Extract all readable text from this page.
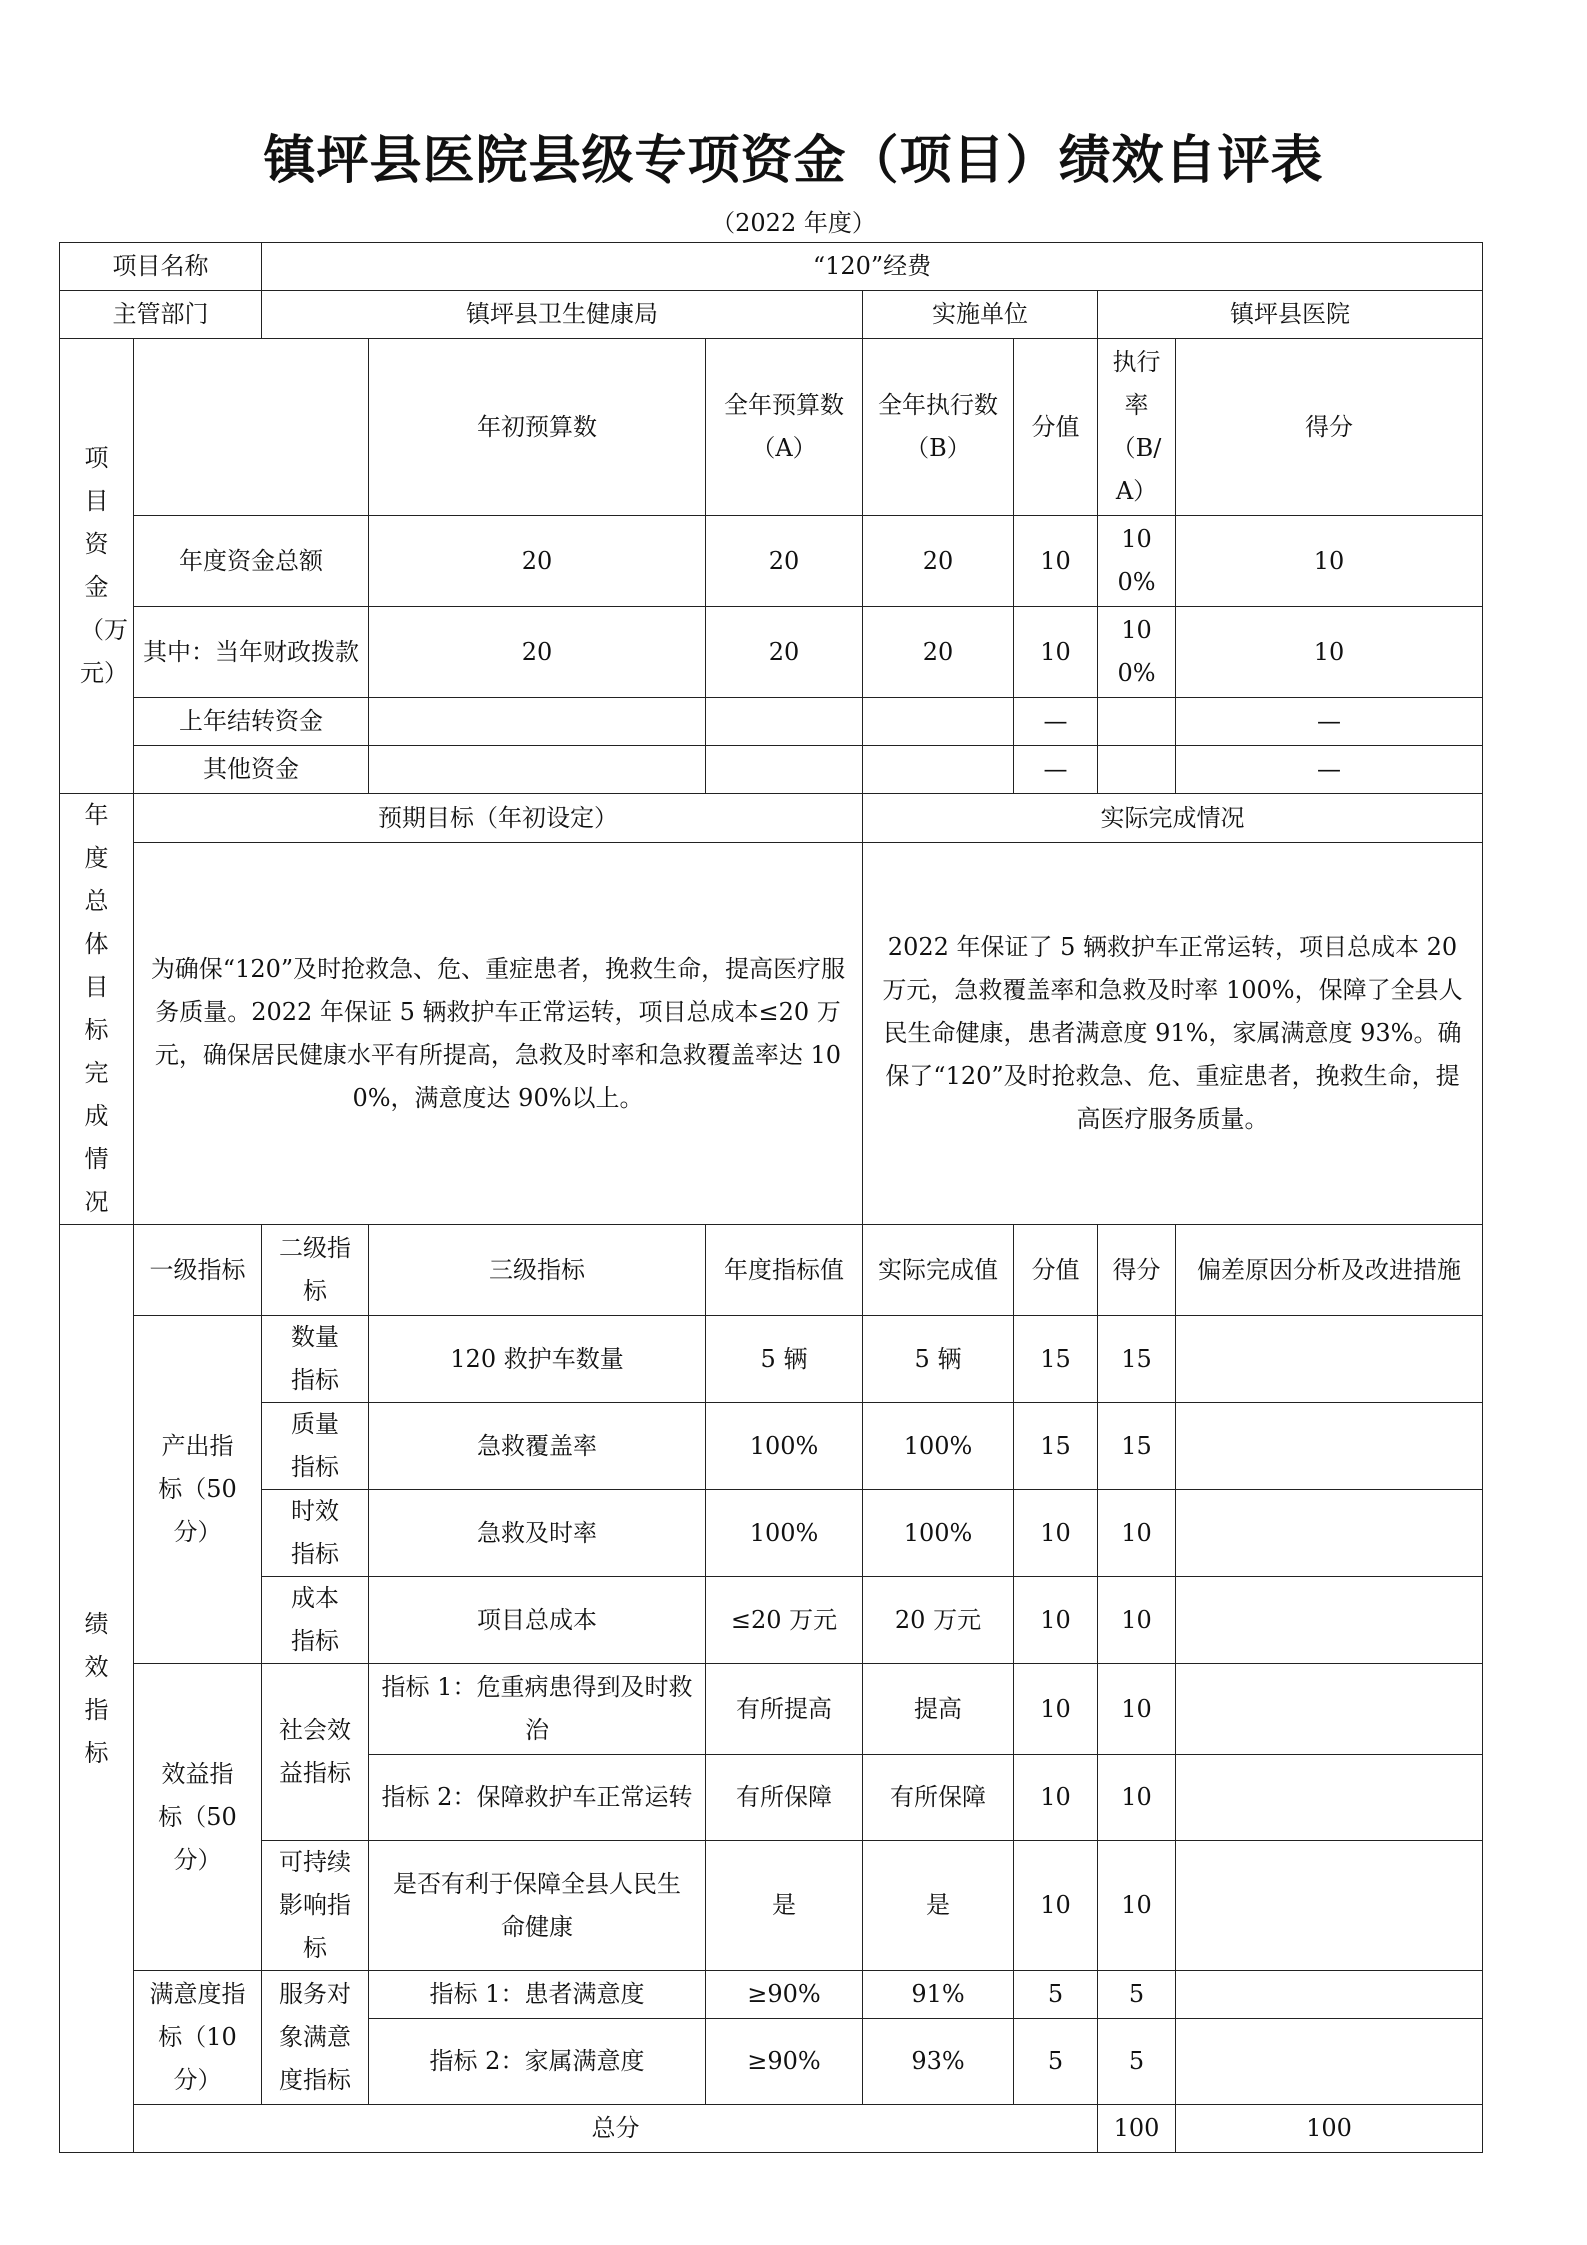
镇坪县医院县级专项资金（项目）绩效自评表
（2022 年度）
项目名称		“120”经费							
主管部门		镇坪县卫生健康局			实施单位		镇坪县医院		
项目资金（万元）			年初预算数	全年预算数（A）	全年执行数（B）	分值	执行率（B/A）	得分	
	年度资金总额		20	20	20	10	100%	10	
	其中：当年财政拨款		20	20	20	10	100%	10	
	上年结转资金					—		—	
	其他资金					—		—	

年度总体目标完成情况	预期目标（年初设定）				实际完成情况				
	为确保“120”及时抢救急、危、重症患者，挽救生命，提高医疗服务质量。2022 年保证 5 辆救护车正常运转，项目总成本≤20 万元，确保居民健康水平有所提高，急救及时率和急救覆盖率达 100%，满意度达 90%以上。				2022 年保证了 5 辆救护车正常运转，项目总成本 20 万元，急救覆盖率和急救及时率 100%，保障了全县人民生命健康，患者满意度 91%，家属满意度 93%。确保了“120”及时抢救急、危、重症患者，挽救生命，提高医疗服务质量。				

绩效指标	一级指标	二级指标	三级指标	年度指标值	实际完成值	分值	得分	偏差原因分析及改进措施	
	产出指标（50分）	数量指标	120 救护车数量	5 辆	5 辆	15	15		
		质量指标	急救覆盖率	100%	100%	15	15		
		时效指标	急救及时率	100%	100%	10	10		
		成本指标	项目总成本	≤20 万元	20 万元	10	10		
	效益指标（50分）	社会效益指标	指标 1：危重病患得到及时救治	有所提高	提高	10	10		
			指标 2：保障救护车正常运转	有所保障	有所保障	10	10		
		可持续影响指标	是否有利于保障全县人民生命健康	是	是	10	10		
	满意度指标（10分）	服务对象满意度指标	指标 1：患者满意度	≥90%	91%	5	5		
			指标 2：家属满意度	≥90%	93%	5	5		
	总分						100	100	
